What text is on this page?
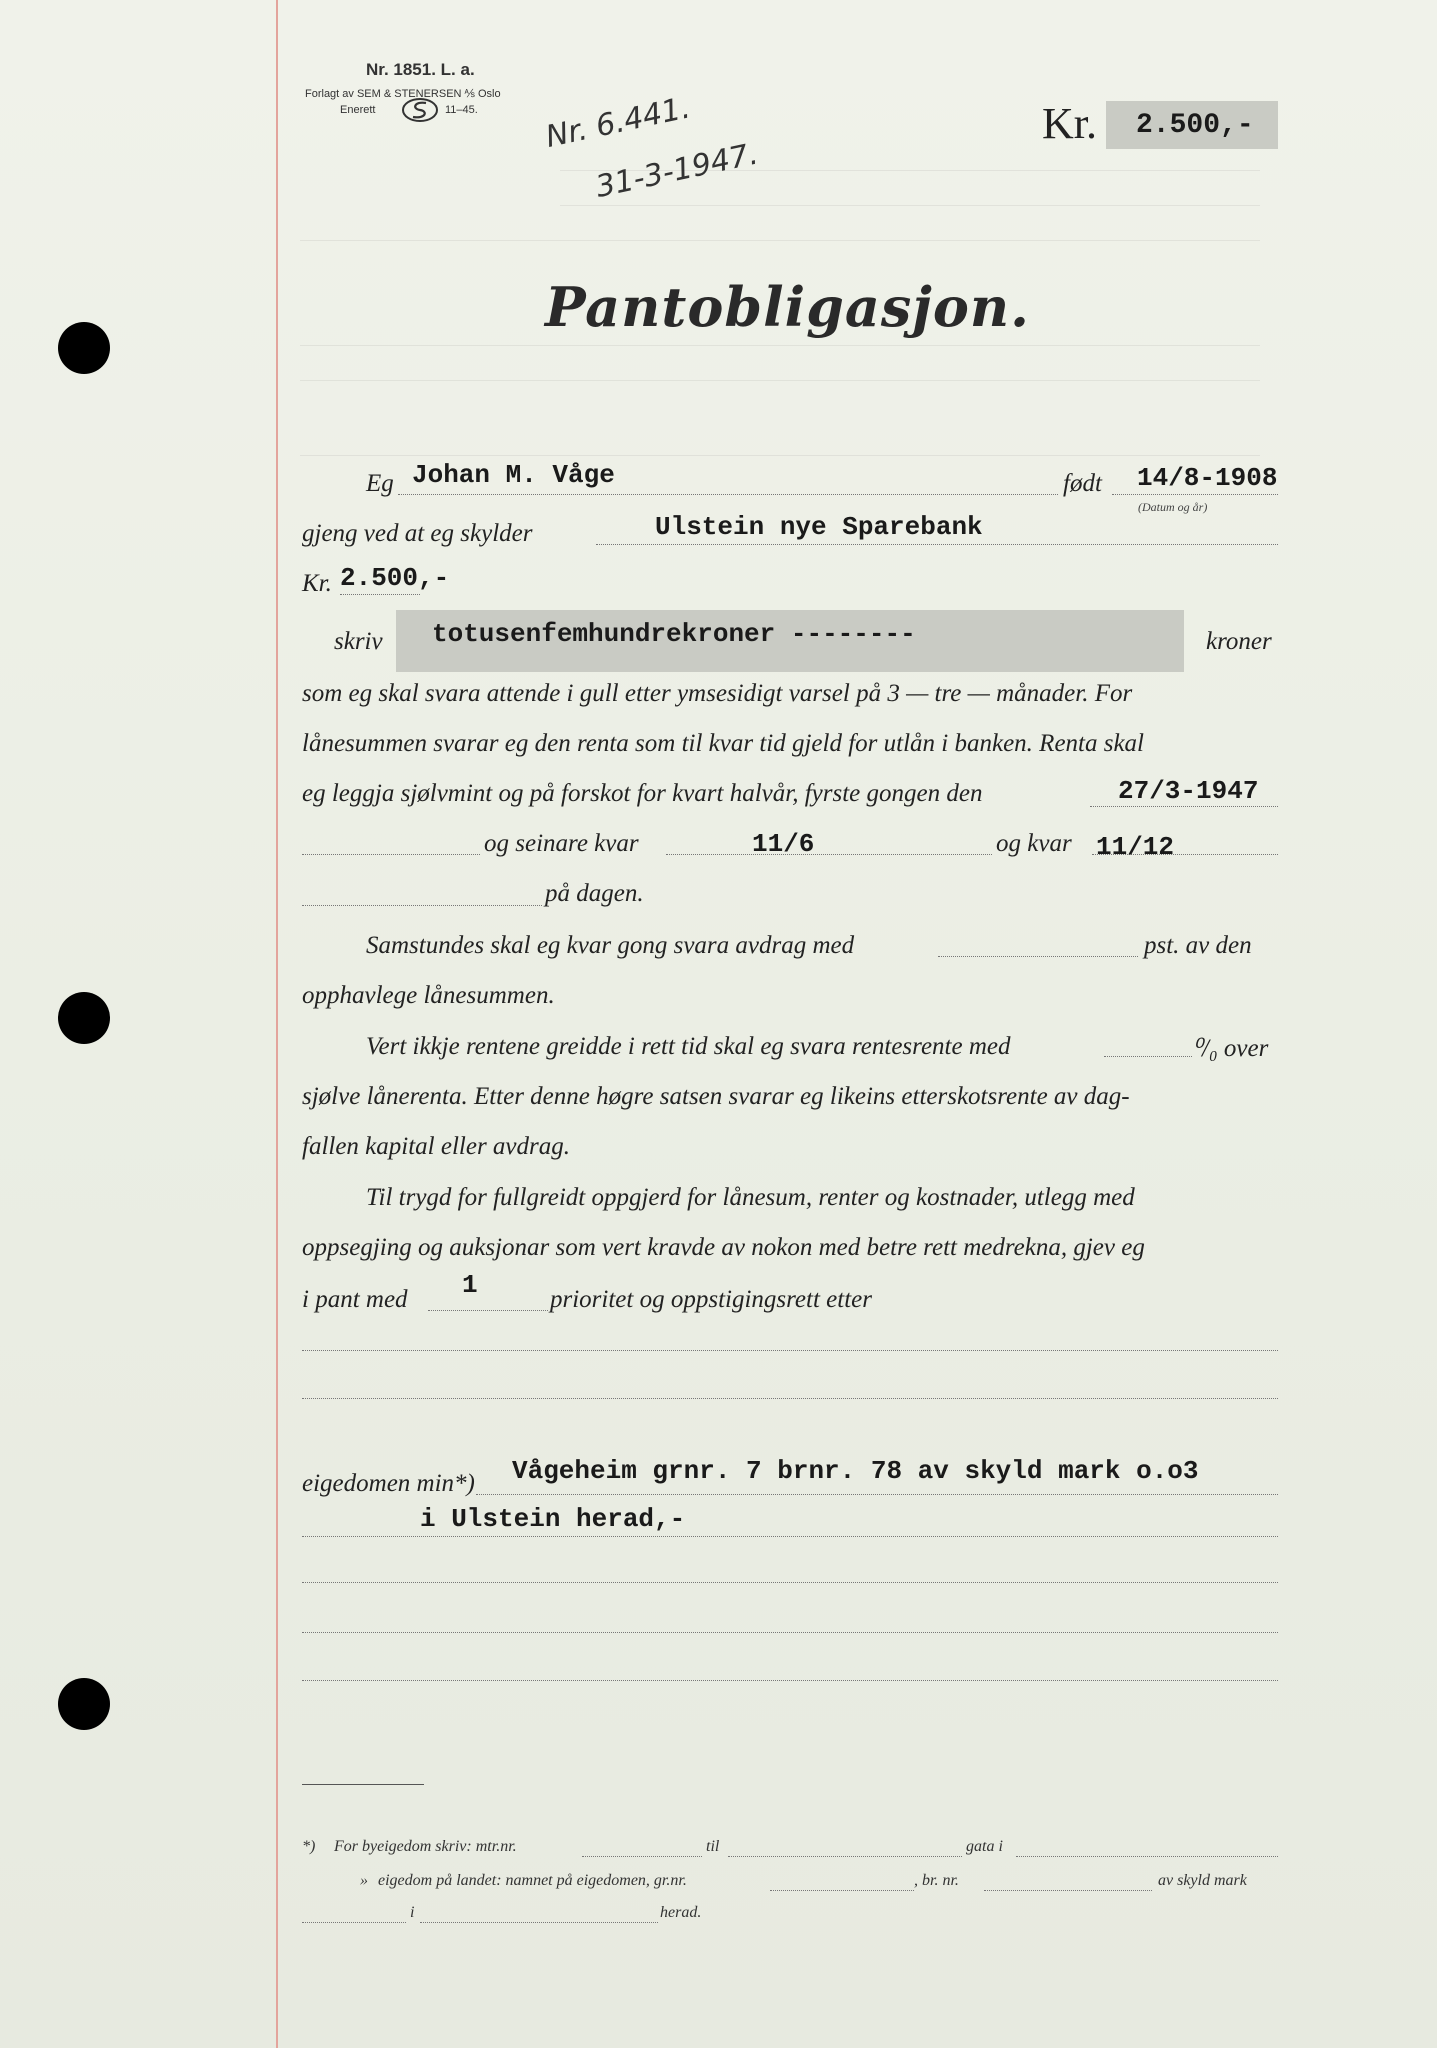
Nr. 1851. L. a.
Forlagt av SEM & STENERSEN ⅍ Oslo
Enerett	11–45. Nr. 6.441.
31-3-1947.
Kr. 2.500,-
Pantobligasjon.
Eg Johan M. Våge	født 14/8-1908
(Datum og år)
gjeng ved at eg skylder	Ulstein nye Sparebank
Kr. 2.500,-
skriv totusenfemhundrekroner --------	kroner
som eg skal svara attende i gull etter ymsesidigt varsel på 3 — tre — månader. For
lånesummen svarar eg den renta som til kvar tid gjeld for utlån i banken. Renta skal
eg leggja sjølvmint og på forskot for kvart halvår, fyrste gongen den	27/3-1947
og seinare kvar	11/6	og kvar 11/12
på dagen.
Samstundes skal eg kvar gong svara avdrag med	pst. av den
opphavlege lånesummen.
Vert ikkje rentene greidde i rett tid skal eg svara rentesrente med	⁰/₀ over
sjølve lånerenta. Etter denne høgre satsen svarar eg likeins etterskotsrente av dag-
fallen kapital eller avdrag.
Til trygd for fullgreidt oppgjerd for lånesum, renter og kostnader, utlegg med
oppsegjing og auksjonar som vert kravde av nokon med betre rett medrekna, gjev eg
i pant med 1	prioritet og oppstigingsrett etter
eigedomen min*) Vågeheim grnr. 7 brnr. 78 av skyld mark o.o3
i Ulstein herad,-
*) For byeigedom skriv: mtr.nr.	til	gata i
» eigedom på landet: namnet på eigedomen, gr.nr.	, br. nr.	av skyld mark
i	herad.
